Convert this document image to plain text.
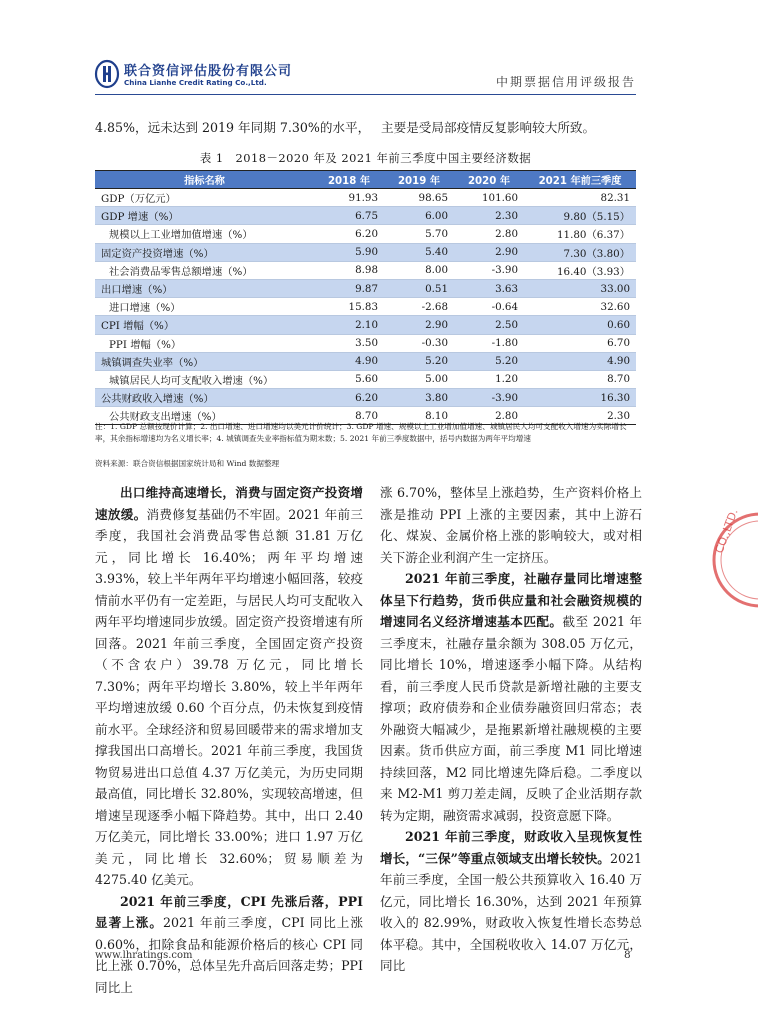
联合资信评估股份有限公司
China Lianhe Credit Rating Co.,Ltd.	中期票据信用评级报告
4.85%，远未达到 2019 年同期 7.30%的水平， 主要是受局部疫情反复影响较大所致。
表 1　2018－2020 年及 2021 年前三季度中国主要经济数据
指标名称	2018 年	2019 年	2020 年	2021 年前三季度
GDP（万亿元）	91.93	98.65	101.60	82.31
GDP 增速（%）	6.75	6.00	2.30	9.80（5.15）
规模以上工业增加值增速（%）	6.20	5.70	2.80	11.80（6.37）
固定资产投资增速（%）	5.90	5.40	2.90	7.30（3.80）
社会消费品零售总额增速（%）	8.98	8.00	-3.90	16.40（3.93）
出口增速（%）	9.87	0.51	3.63	33.00
进口增速（%）	15.83	-2.68	-0.64	32.60
CPI 增幅（%）	2.10	2.90	2.50	0.60
PPI 增幅（%）	3.50	-0.30	-1.80	6.70
城镇调查失业率（%）	4.90	5.20	5.20	4.90
城镇居民人均可支配收入增速（%）	5.60	5.00	1.20	8.70
公共财政收入增速（%）	6.20	3.80	-3.90	16.30
公共财政支出增速（%）	8.70	8.10	2.80	2.30
注：1. GDP 总额按现价计算；2. 出口增速、进口增速均以美元计价统计；3. GDP 增速、规模以上工业增加值增速、城镇居民人均可支配收入增速为实际增长率，其余指标增速均为名义增长率；4. 城镇调查失业率指标值为期末数；5. 2021 年前三季度数据中，括号内数据为两年平均增速
资料来源：联合资信根据国家统计局和 Wind 数据整理

出口维持高速增长，消费与固定资产投资增速放缓。消费修复基础仍不牢固。2021 年前三季度，我国社会消费品零售总额 31.81 万亿元，同比增长 16.40%；两年平均增速 3.93%，较上半年两年平均增速小幅回落，较疫情前水平仍有一定差距，与居民人均可支配收入两年平均增速同步放缓。固定资产投资增速有所回落。2021 年前三季度，全国固定资产投资（不含农户）39.78 万亿元，同比增长 7.30%；两年平均增长 3.80%，较上半年两年平均增速放缓 0.60 个百分点，仍未恢复到疫情前水平。全球经济和贸易回暖带来的需求增加支撑我国出口高增长。2021 年前三季度，我国货物贸易进出口总值 4.37 万亿美元，为历史同期最高值，同比增长 32.80%，实现较高增速，但增速呈现逐季小幅下降趋势。其中，出口 2.40 万亿美元，同比增长 33.00%；进口 1.97 万亿美元，同比增长 32.60%；贸易顺差为 4275.40 亿美元。

2021 年前三季度，CPI 先涨后落，PPI 显著上涨。2021 年前三季度，CPI 同比上涨 0.60%，扣除食品和能源价格后的核心 CPI 同比上涨 0.70%，总体呈先升高后回落走势；PPI 同比上

涨 6.70%，整体呈上涨趋势，生产资料价格上涨是推动 PPI 上涨的主要因素，其中上游石化、煤炭、金属价格上涨的影响较大，或对相关下游企业利润产生一定挤压。

2021 年前三季度，社融存量同比增速整体呈下行趋势，货币供应量和社会融资规模的增速同名义经济增速基本匹配。截至 2021 年三季度末，社融存量余额为 308.05 万亿元，同比增长 10%，增速逐季小幅下降。从结构看，前三季度人民币贷款是新增社融的主要支撑项；政府债券和企业债券融资回归常态；表外融资大幅减少，是拖累新增社融规模的主要因素。货币供应方面，前三季度 M1 同比增速持续回落，M2 同比增速先降后稳。二季度以来 M2-M1 剪刀差走阔，反映了企业活期存款转为定期，融资需求减弱，投资意愿下降。

2021 年前三季度，财政收入呈现恢复性增长，“三保”等重点领域支出增长较快。2021 年前三季度，全国一般公共预算收入 16.40 万亿元，同比增长 16.30%，达到 2021 年预算收入的 82.99%，财政收入恢复性增长态势总体平稳。其中，全国税收收入 14.07 万亿元，同比

CO.,LTD.
www.lhratings.com	8
